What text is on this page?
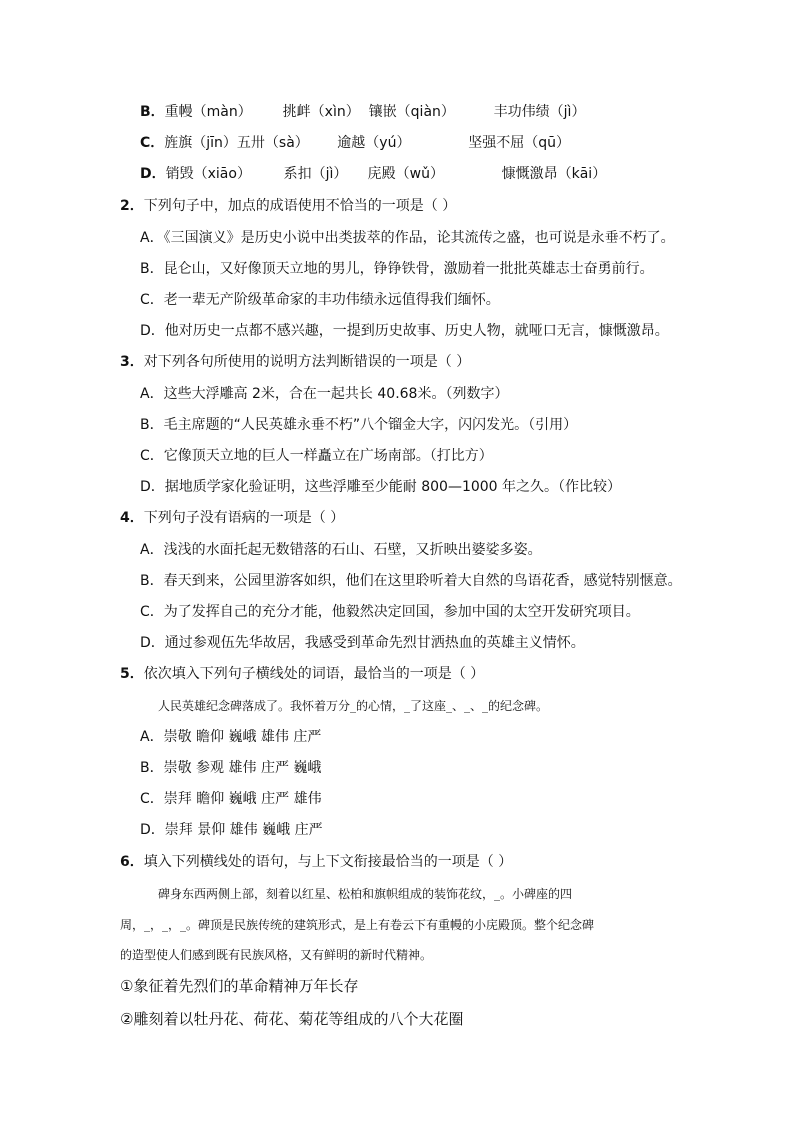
B．重幔（màn） 挑衅（xìn） 镶嵌（qiàn）	丰功伟绩（jì）
C．旌旗（jīn）五卅（sà） 逾越（yú）	坚强不屈（qū）
D．销毁（xiāo） 系扣（jì） 庑殿（wǔ）	慷慨激昂（kāi）
2．下列句子中，加点的成语使用不恰当的一项是（ ）
A．《三国演义》是历史小说中出类拔萃的作品，论其流传之盛，也可说是永垂不朽了。
B．昆仑山，又好像顶天立地的男儿，铮铮铁骨，激励着一批批英雄志士奋勇前行。
C．老一辈无产阶级革命家的丰功伟绩永远值得我们缅怀。
D．他对历史一点都不感兴趣，一提到历史故事、历史人物，就哑口无言，慷慨激昂。
3．对下列各句所使用的说明方法判断错误的一项是（ ）
A．这些大浮雕高 2米，合在一起共长 40.68米。（列数字）
B．毛主席题的“人民英雄永垂不朽”八个镏金大字，闪闪发光。（引用）
C．它像顶天立地的巨人一样矗立在广场南部。（打比方）
D．据地质学家化验证明，这些浮雕至少能耐 800—1000 年之久。（作比较）
4．下列句子没有语病的一项是（ ）
A．浅浅的水面托起无数错落的石山、石壁，又折映出婆娑多姿。
B．春天到来，公园里游客如织，他们在这里聆听着大自然的鸟语花香，感觉特别惬意。
C．为了发挥自己的充分才能，他毅然决定回国，参加中国的太空开发研究项目。
D．通过参观伍先华故居，我感受到革命先烈甘洒热血的英雄主义情怀。
5．依次填入下列句子横线处的词语，最恰当的一项是（ ）
人民英雄纪念碑落成了。我怀着万分_的心情，_了这座_、_、_的纪念碑。
A．崇敬 瞻仰 巍峨 雄伟 庄严
B．崇敬 参观 雄伟 庄严 巍峨
C．崇拜 瞻仰 巍峨 庄严 雄伟
D．崇拜 景仰 雄伟 巍峨 庄严
6．填入下列横线处的语句，与上下文衔接最恰当的一项是（ ）
碑身东西两侧上部，刻着以红星、松柏和旗帜组成的装饰花纹，_。小碑座的四
周，_，_，_。碑顶是民族传统的建筑形式，是上有卷云下有重幔的小庑殿顶。整个纪念碑
的造型使人们感到既有民族风格，又有鲜明的新时代精神。
①象征着先烈们的革命精神万年长存
②雕刻着以牡丹花、荷花、菊花等组成的八个大花圈
